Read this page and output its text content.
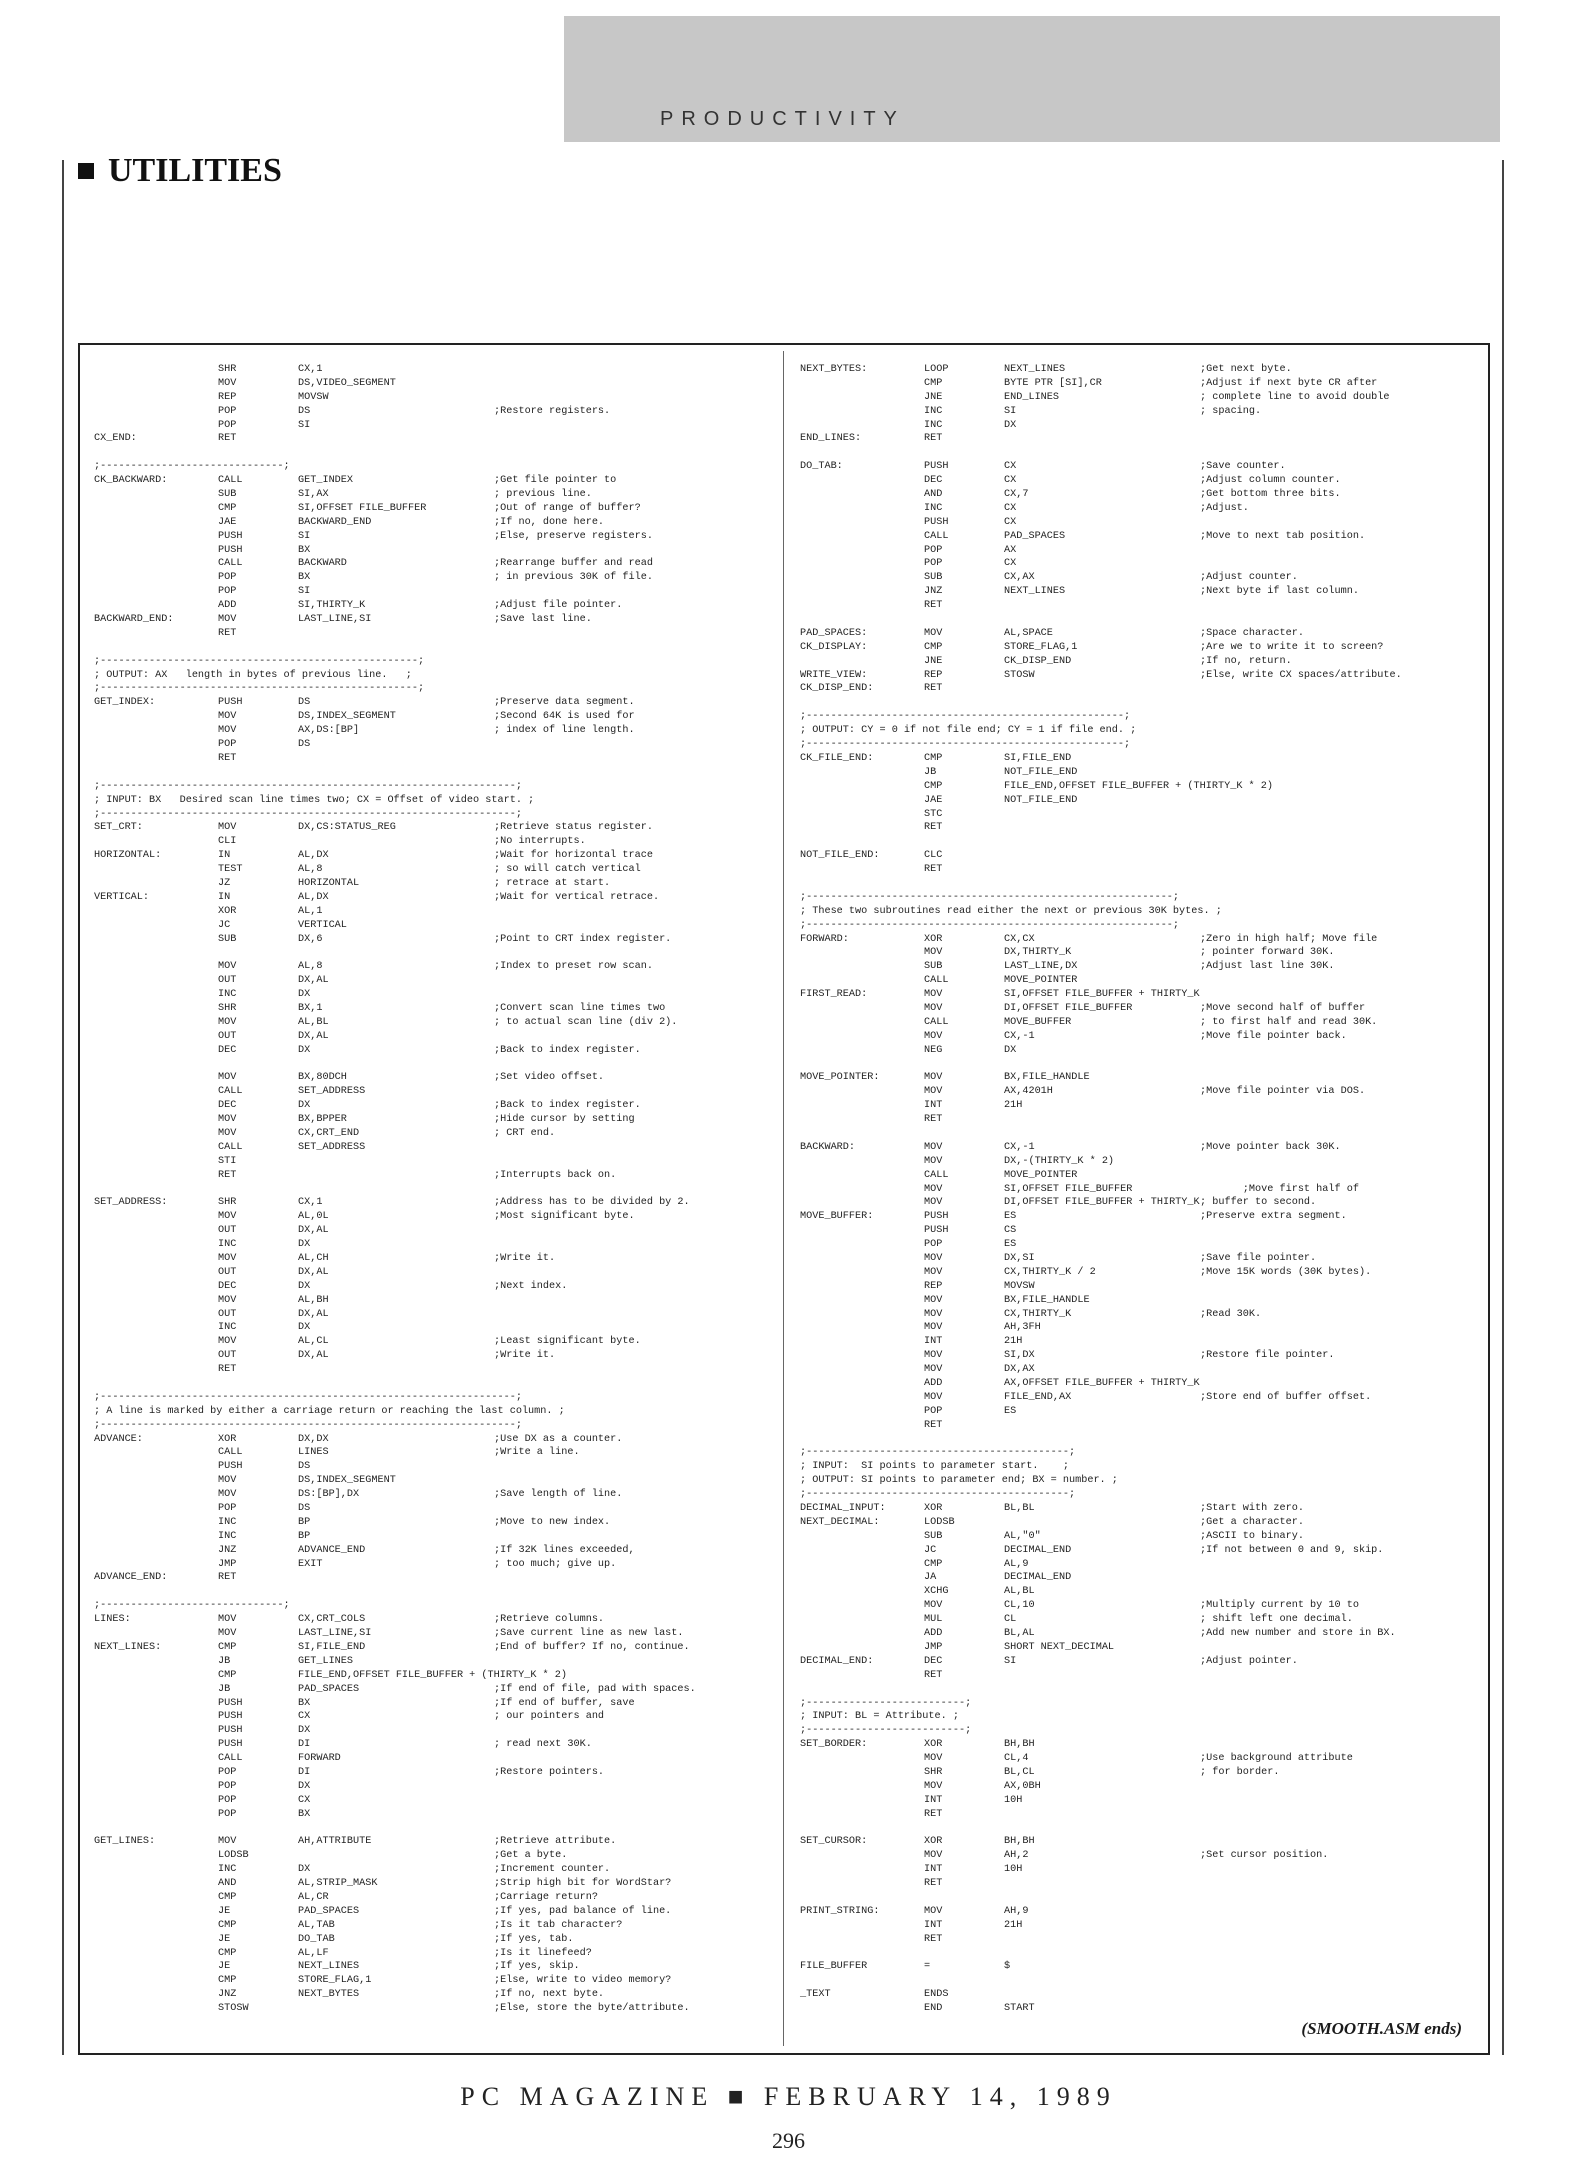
PRODUCTIVITY
UTILITIES
SHR	CX,1
MOV	DS,VIDEO_SEGMENT
REP	MOVSW
POP	DS	;Restore registers.
POP	SI
CX_END:	RET
;------------------------------;
CK_BACKWARD:	CALL	GET_INDEX	;Get file pointer to
SUB	SI,AX	; previous line.
CMP	SI,OFFSET FILE_BUFFER	;Out of range of buffer?
JAE	BACKWARD_END	;If no, done here.
PUSH	SI	;Else, preserve registers.
PUSH	BX
CALL	BACKWARD	;Rearrange buffer and read
POP	BX	; in previous 30K of file.
POP	SI
ADD	SI,THIRTY_K	;Adjust file pointer.
BACKWARD_END:	MOV	LAST_LINE,SI	;Save last line.
RET
;----------------------------------------------------;
; OUTPUT: AX   length in bytes of previous line.   ;
;----------------------------------------------------;
GET_INDEX:	PUSH	DS	;Preserve data segment.
MOV	DS,INDEX_SEGMENT	;Second 64K is used for
MOV	AX,DS:[BP]	; index of line length.
POP	DS
RET
;--------------------------------------------------------------------;
; INPUT: BX   Desired scan line times two; CX = Offset of video start. ;
;--------------------------------------------------------------------;
SET_CRT:	MOV	DX,CS:STATUS_REG	;Retrieve status register.
CLI	;No interrupts.
HORIZONTAL:	IN	AL,DX	;Wait for horizontal trace
TEST	AL,8	; so will catch vertical
JZ	HORIZONTAL	; retrace at start.
VERTICAL:	IN	AL,DX	;Wait for vertical retrace.
XOR	AL,1
JC	VERTICAL
SUB	DX,6	;Point to CRT index register.
MOV	AL,8	;Index to preset row scan.
OUT	DX,AL
INC	DX
SHR	BX,1	;Convert scan line times two
MOV	AL,BL	; to actual scan line (div 2).
OUT	DX,AL
DEC	DX	;Back to index register.
MOV	BX,80DCH	;Set video offset.
CALL	SET_ADDRESS
DEC	DX	;Back to index register.
MOV	BX,BPPER	;Hide cursor by setting
MOV	CX,CRT_END	; CRT end.
CALL	SET_ADDRESS
STI
RET	;Interrupts back on.
SET_ADDRESS:	SHR	CX,1	;Address has to be divided by 2.
MOV	AL,0L	;Most significant byte.
OUT	DX,AL
INC	DX
MOV	AL,CH	;Write it.
OUT	DX,AL
DEC	DX	;Next index.
MOV	AL,BH
OUT	DX,AL
INC	DX
MOV	AL,CL	;Least significant byte.
OUT	DX,AL	;Write it.
RET
;--------------------------------------------------------------------;
; A line is marked by either a carriage return or reaching the last column. ;
;--------------------------------------------------------------------;
ADVANCE:	XOR	DX,DX	;Use DX as a counter.
CALL	LINES	;Write a line.
PUSH	DS
MOV	DS,INDEX_SEGMENT
MOV	DS:[BP],DX	;Save length of line.
POP	DS
INC	BP	;Move to new index.
INC	BP
JNZ	ADVANCE_END	;If 32K lines exceeded,
JMP	EXIT	; too much; give up.
ADVANCE_END:	RET
;------------------------------;
LINES:	MOV	CX,CRT_COLS	;Retrieve columns.
MOV	LAST_LINE,SI	;Save current line as new last.
NEXT_LINES:	CMP	SI,FILE_END	;End of buffer? If no, continue.
JB	GET_LINES
CMP	FILE_END,OFFSET FILE_BUFFER + (THIRTY_K * 2)
JB	PAD_SPACES	;If end of file, pad with spaces.
PUSH	BX	;If end of buffer, save
PUSH	CX	; our pointers and
PUSH	DX
PUSH	DI	; read next 30K.
CALL	FORWARD
POP	DI	;Restore pointers.
POP	DX
POP	CX
POP	BX
GET_LINES:	MOV	AH,ATTRIBUTE	;Retrieve attribute.
LODSB	;Get a byte.
INC	DX	;Increment counter.
AND	AL,STRIP_MASK	;Strip high bit for WordStar?
CMP	AL,CR	;Carriage return?
JE	PAD_SPACES	;If yes, pad balance of line.
CMP	AL,TAB	;Is it tab character?
JE	DO_TAB	;If yes, tab.
CMP	AL,LF	;Is it linefeed?
JE	NEXT_LINES	;If yes, skip.
CMP	STORE_FLAG,1	;Else, write to video memory?
JNZ	NEXT_BYTES	;If no, next byte.
STOSW	;Else, store the byte/attribute.
NEXT_BYTES:	LOOP	NEXT_LINES	;Get next byte.
CMP	BYTE PTR [SI],CR	;Adjust if next byte CR after
JNE	END_LINES	; complete line to avoid double
INC	SI	; spacing.
INC	DX
END_LINES:	RET
DO_TAB:	PUSH	CX	;Save counter.
DEC	CX	;Adjust column counter.
AND	CX,7	;Get bottom three bits.
INC	CX	;Adjust.
PUSH	CX
CALL	PAD_SPACES	;Move to next tab position.
POP	AX
POP	CX
SUB	CX,AX	;Adjust counter.
JNZ	NEXT_LINES	;Next byte if last column.
RET
PAD_SPACES:	MOV	AL,SPACE	;Space character.
CK_DISPLAY:	CMP	STORE_FLAG,1	;Are we to write it to screen?
JNE	CK_DISP_END	;If no, return.
WRITE_VIEW:	REP	STOSW	;Else, write CX spaces/attribute.
CK_DISP_END:	RET
;----------------------------------------------------;
; OUTPUT: CY = 0 if not file end; CY = 1 if file end. ;
;----------------------------------------------------;
CK_FILE_END:	CMP	SI,FILE_END
JB	NOT_FILE_END
CMP	FILE_END,OFFSET FILE_BUFFER + (THIRTY_K * 2)
JAE	NOT_FILE_END
STC
RET
NOT_FILE_END:	CLC
RET
;------------------------------------------------------------;
; These two subroutines read either the next or previous 30K bytes. ;
;------------------------------------------------------------;
FORWARD:	XOR	CX,CX	;Zero in high half; Move file
MOV	DX,THIRTY_K	; pointer forward 30K.
SUB	LAST_LINE,DX	;Adjust last line 30K.
CALL	MOVE_POINTER
FIRST_READ:	MOV	SI,OFFSET FILE_BUFFER + THIRTY_K
MOV	DI,OFFSET FILE_BUFFER	;Move second half of buffer
CALL	MOVE_BUFFER	; to first half and read 30K.
MOV	CX,-1	;Move file pointer back.
NEG	DX
MOVE_POINTER:	MOV	BX,FILE_HANDLE
MOV	AX,4201H	;Move file pointer via DOS.
INT	21H
RET
BACKWARD:	MOV	CX,-1	;Move pointer back 30K.
MOV	DX,-(THIRTY_K * 2)
CALL	MOVE_POINTER
MOV	SI,OFFSET FILE_BUFFER	;Move first half of
MOV	DI,OFFSET FILE_BUFFER + THIRTY_K ; buffer to second.
MOVE_BUFFER:	PUSH	ES	;Preserve extra segment.
PUSH	CS
POP	ES
MOV	DX,SI	;Save file pointer.
MOV	CX,THIRTY_K / 2	;Move 15K words (30K bytes).
REP	MOVSW
MOV	BX,FILE_HANDLE
MOV	CX,THIRTY_K	;Read 30K.
MOV	AH,3FH
INT	21H
MOV	SI,DX	;Restore file pointer.
MOV	DX,AX
ADD	AX,OFFSET FILE_BUFFER + THIRTY_K
MOV	FILE_END,AX	;Store end of buffer offset.
POP	ES
RET
;-------------------------------------------;
; INPUT:  SI points to parameter start.    ;
; OUTPUT: SI points to parameter end; BX = number. ;
;-------------------------------------------;
DECIMAL_INPUT:	XOR	BL,BL	;Start with zero.
NEXT_DECIMAL:	LODSB	;Get a character.
SUB	AL,"0"	;ASCII to binary.
JC	DECIMAL_END	;If not between 0 and 9, skip.
CMP	AL,9
JA	DECIMAL_END
XCHG	AL,BL
MOV	CL,10	;Multiply current by 10 to
MUL	CL	; shift left one decimal.
ADD	BL,AL	;Add new number and store in BX.
JMP	SHORT NEXT_DECIMAL
DECIMAL_END:	DEC	SI	;Adjust pointer.
RET
;--------------------------;
; INPUT: BL = Attribute. ;
;--------------------------;
SET_BORDER:	XOR	BH,BH
MOV	CL,4	;Use background attribute
SHR	BL,CL	; for border.
MOV	AX,0BH
INT	10H
RET
SET_CURSOR:	XOR	BH,BH
MOV	AH,2	;Set cursor position.
INT	10H
RET
PRINT_STRING:	MOV	AH,9
INT	21H
RET
FILE_BUFFER	=	$
_TEXT	ENDS
END	START
(SMOOTH.ASM ends)
PC MAGAZINE ■ FEBRUARY 14, 1989
296
